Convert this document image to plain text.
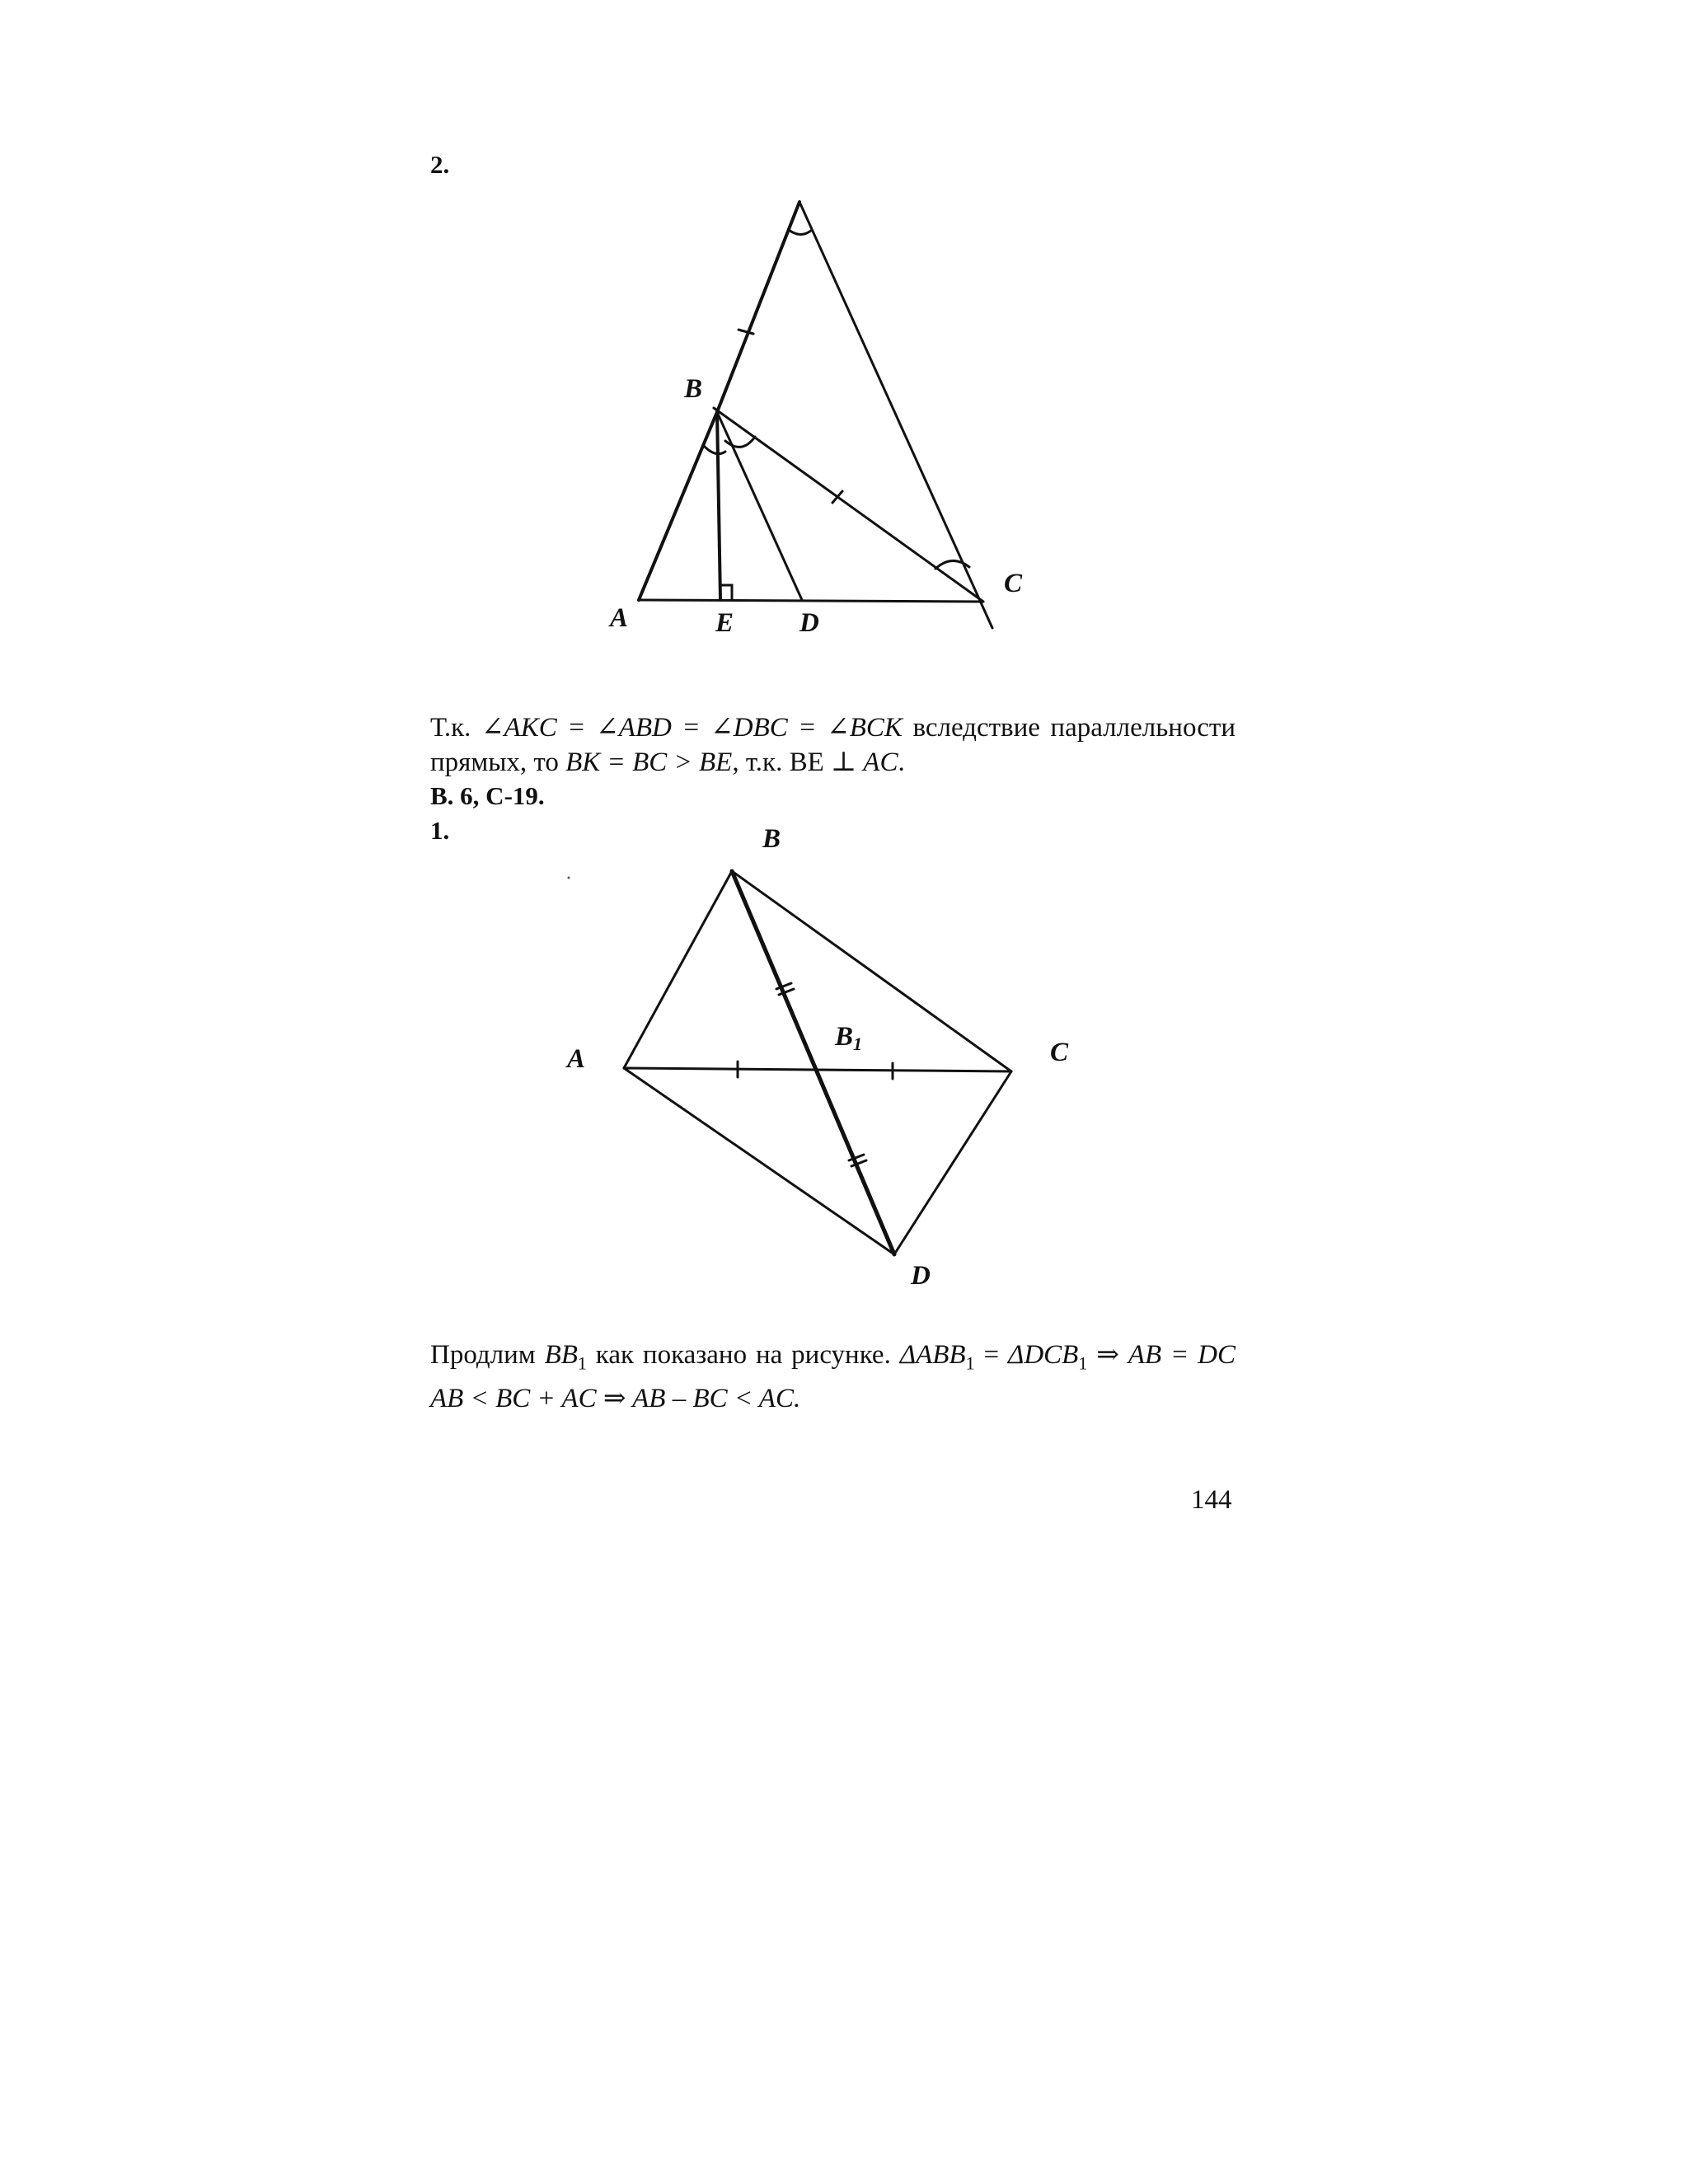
2.
B
A	E D
C
Т.к. ∠AKC = ∠ABD = ∠DBC = ∠BCK вследствие параллельности прямых, то BK = BC > BE, т.к. BE ⊥ AC.
В. 6, С-19.
1.	B
A
B1	C
D
Продлим $BB_1$ как показано на рисунке. $\Delta ABB_1 = \Delta DCB_1$ ⇒ AB = DC
AB < BC + AC ⇒ AB – BC < AC.
144
